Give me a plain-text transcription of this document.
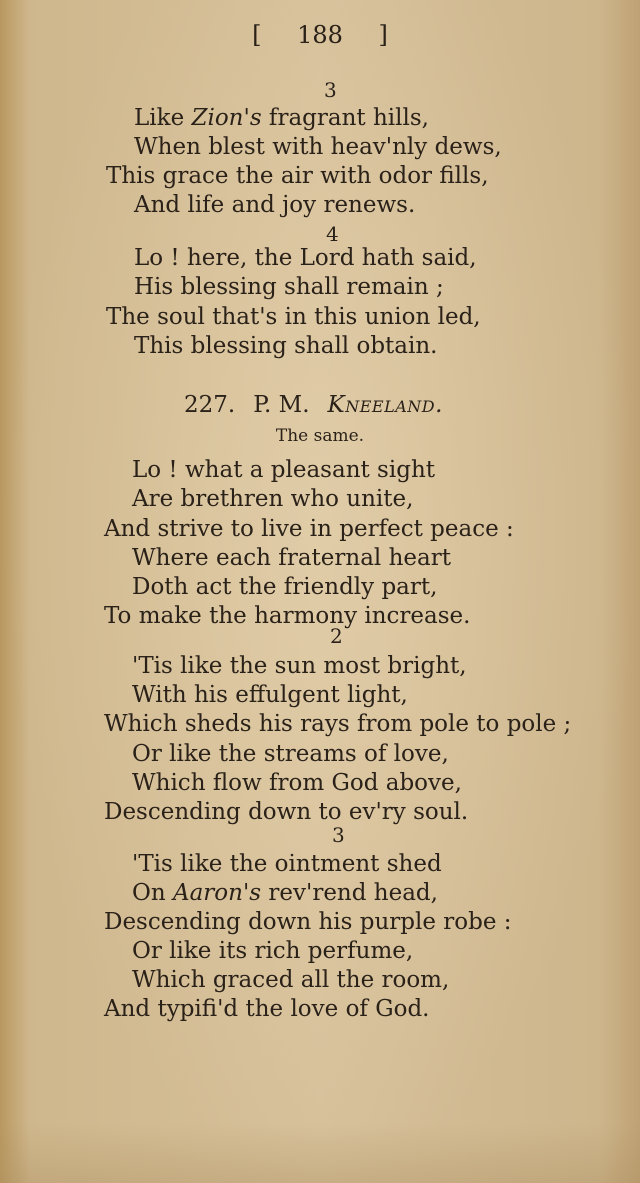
[ 188 ]
3
Like Zion's fragrant hills,
When blest with heav'nly dews,
This grace the air with odor fills,
And life and joy renews.
4
Lo ! here, the Lord hath said,
His blessing shall remain ;
The soul that's in this union led,
This blessing shall obtain.
227. P. M. Kneeland.
The same.
Lo ! what a pleasant sight
Are brethren who unite,
And strive to live in perfect peace :
Where each fraternal heart
Doth act the friendly part,
To make the harmony increase.
2
'Tis like the sun most bright,
With his effulgent light,
Which sheds his rays from pole to pole ;
Or like the streams of love,
Which flow from God above,
Descending down to ev'ry soul.
3
'Tis like the ointment shed
On Aaron's rev'rend head,
Descending down his purple robe :
Or like its rich perfume,
Which graced all the room,
And typifi'd the love of God.
